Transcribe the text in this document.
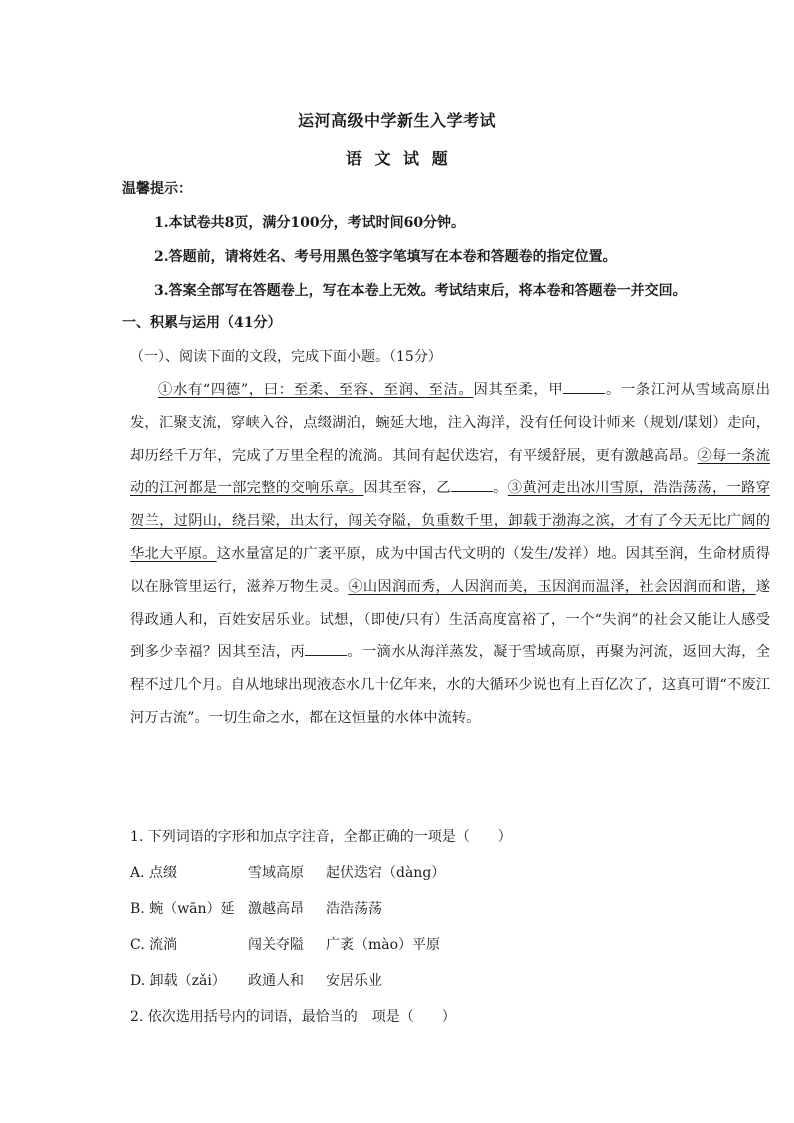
运河高级中学新生入学考试
语 文 试 题
温馨提示：
1.本试卷共8页，满分100分，考试时间60分钟。
2.答题前，请将姓名、考号用黑色签字笔填写在本卷和答题卷的指定位置。
3.答案全部写在答题卷上，写在本卷上无效。考试结束后，将本卷和答题卷一并交回。
一、积累与运用（41分）
（一）、阅读下面的文段，完成下面小题。（15分）
①水有“四德”，曰：至柔、至容、至润、至洁。因其至柔，甲	。一条江河从雪域高原出发，汇聚支流，穿峡入谷，点缀湖泊，蜿延大地，注入海洋，没有任何设计师来（规划/谋划）走向，却历经千万年，完成了万里全程的流淌。其间有起伏迭宕，有平缓舒展，更有激越高昂。②每一条流动的江河都是一部完整的交响乐章。因其至容，乙	。③黄河走出冰川雪原，浩浩荡荡，一路穿贺兰，过阴山，绕吕梁，出太行，闯关夺隘，负重数千里，卸载于渤海之滨，才有了今天无比广阔的华北大平原。这水量富足的广袤平原，成为中国古代文明的（发生/发祥）地。因其至润，生命材质得以在脉管里运行，滋养万物生灵。④山因润而秀，人因润而美，玉因润而温泽，社会因润而和谐，遂得政通人和，百姓安居乐业。试想，（即使/只有）生活高度富裕了，一个“失润”的社会又能让人感受到多少幸福？因其至洁，丙	。一滴水从海洋蒸发，凝于雪域高原，再聚为河流，返回大海，全程不过几个月。自从地球出现液态水几十亿年来，水的大循环少说也有上百亿次了，这真可谓“不废江河万古流”。一切生命之水，都在这恒量的水体中流转。
1. 下列词语的字形和加点字注音，全都正确的一项是（　　）
A. 点缀	雪域高原 起伏迭宕（dàng）
B. 蜿（wān）延 激越高昂 浩浩荡荡
C. 流淌	闯关夺隘 广袤（mào）平原
D. 卸载（zǎi） 政通人和 安居乐业
2. 依次选用括号内的词语，最恰当的　项是（　　）
